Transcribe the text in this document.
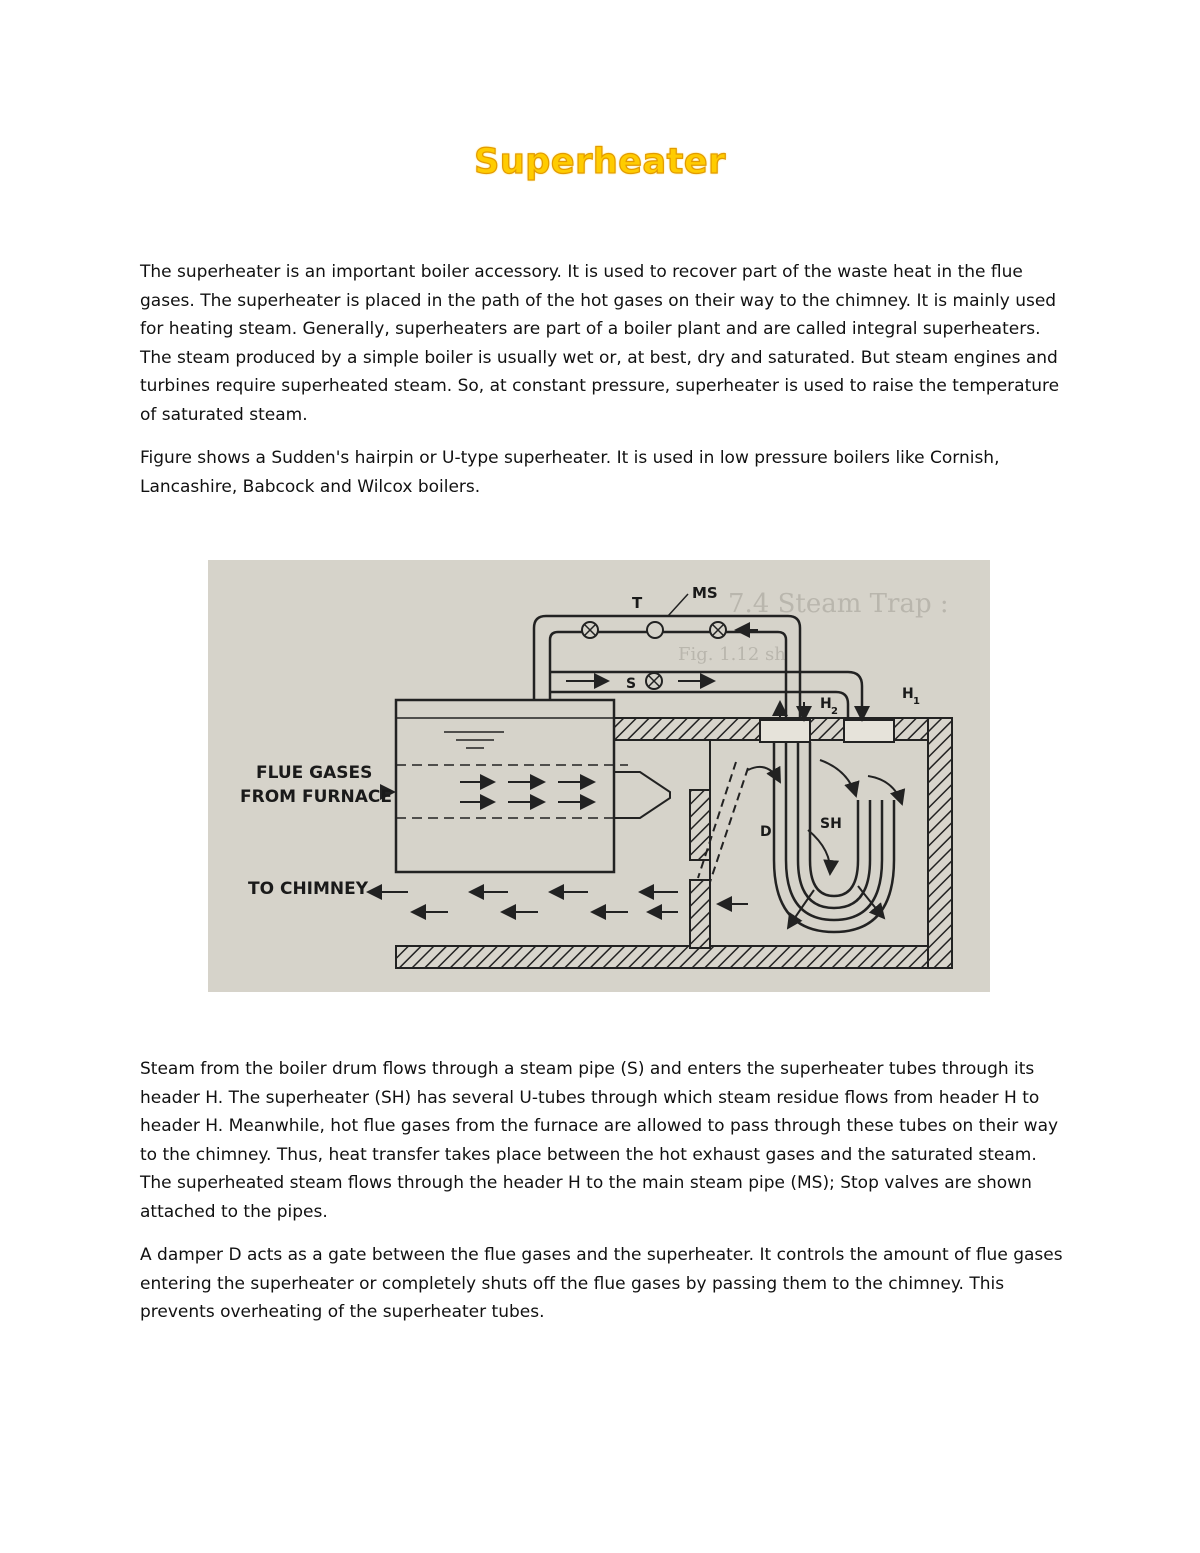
Superheater

The superheater is an important boiler accessory. It is used to recover part of the waste heat in the flue gases. The superheater is placed in the path of the hot gases on their way to the chimney. It is mainly used for heating steam. Generally, superheaters are part of a boiler plant and are called integral superheaters. The steam produced by a simple boiler is usually wet or, at best, dry and saturated. But steam engines and turbines require superheated steam. So, at constant pressure, superheater is used to raise the temperature of saturated steam.

Figure shows a Sudden's hairpin or U-type superheater. It is used in low pressure boilers like Cornish, Lancashire, Babcock and Wilcox boilers.

7.4 Steam Trap :
Fig. 1.12 sh
FLUE GASES
FROM FURNACE
TO CHIMNEY
T
MS
S
H 1
H 2
D	SH

Steam from the boiler drum flows through a steam pipe (S) and enters the superheater tubes through its header H. The superheater (SH) has several U-tubes through which steam residue flows from header H to header H. Meanwhile, hot flue gases from the furnace are allowed to pass through these tubes on their way to the chimney. Thus, heat transfer takes place between the hot exhaust gases and the saturated steam. The superheated steam flows through the header H to the main steam pipe (MS); Stop valves are shown attached to the pipes.

A damper D acts as a gate between the flue gases and the superheater. It controls the amount of flue gases entering the superheater or completely shuts off the flue gases by passing them to the chimney. This prevents overheating of the superheater tubes.
